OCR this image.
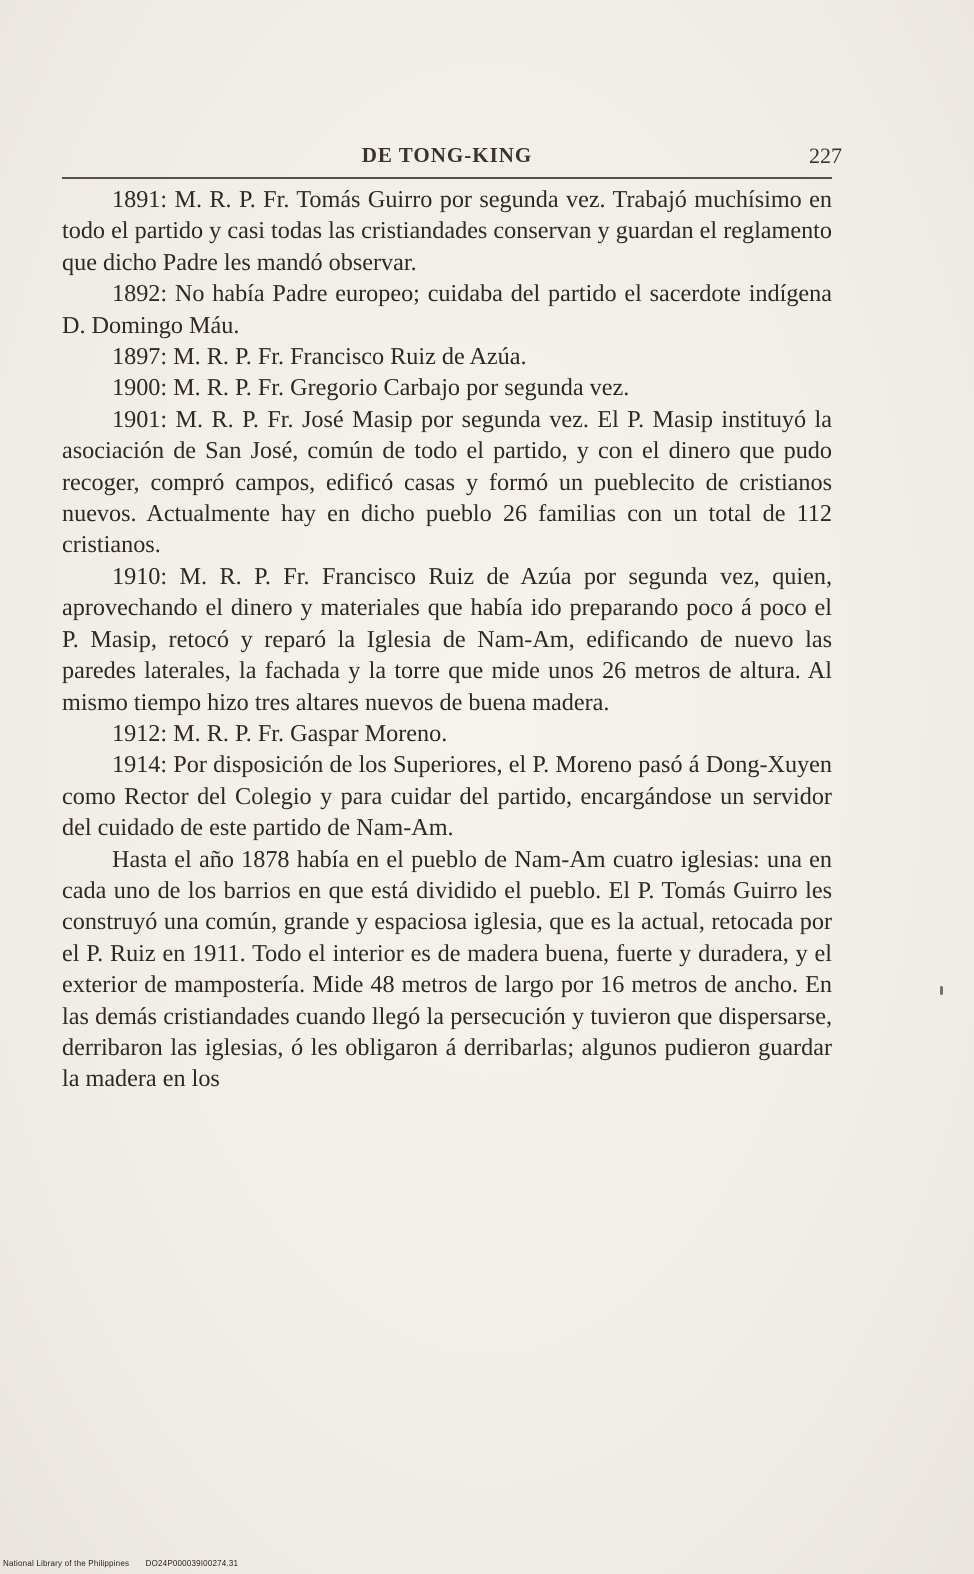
DE TONG-KING	227

1891: M. R. P. Fr. Tomás Guirro por segunda vez. Trabajó muchísimo en todo el partido y casi todas las cristiandades conservan y guardan el reglamento que dicho Padre les mandó observar.

1892: No había Padre europeo; cuidaba del partido el sacerdote indígena D. Domingo Máu.

1897: M. R. P. Fr. Francisco Ruiz de Azúa.

1900: M. R. P. Fr. Gregorio Carbajo por segunda vez.

1901: M. R. P. Fr. José Masip por segunda vez. El P. Masip instituyó la asociación de San José, común de todo el partido, y con el dinero que pudo recoger, compró campos, edificó casas y formó un pueblecito de cristianos nuevos. Actualmente hay en dicho pueblo 26 familias con un total de 112 cristianos.

1910: M. R. P. Fr. Francisco Ruiz de Azúa por segunda vez, quien, aprovechando el dinero y materiales que había ido preparando poco á poco el P. Masip, retocó y reparó la Iglesia de Nam-Am, edificando de nuevo las paredes laterales, la fachada y la torre que mide unos 26 metros de altura. Al mismo tiempo hizo tres altares nuevos de buena madera.

1912: M. R. P. Fr. Gaspar Moreno.

1914: Por disposición de los Superiores, el P. Moreno pasó á Dong-Xuyen como Rector del Colegio y para cuidar del partido, encargándose un servidor del cuidado de este partido de Nam-Am.

Hasta el año 1878 había en el pueblo de Nam-Am cuatro iglesias: una en cada uno de los barrios en que está dividido el pueblo. El P. Tomás Guirro les construyó una común, grande y espaciosa iglesia, que es la actual, retocada por el P. Ruiz en 1911. Todo el interior es de madera buena, fuerte y duradera, y el exterior de mampostería. Mide 48 metros de largo por 16 metros de ancho. En las demás cristiandades cuando llegó la persecución y tuvieron que dispersarse, derribaron las iglesias, ó les obligaron á derribarlas; algunos pudieron guardar la madera en los

National Library of the Philippines DO24P000039I00274.31
